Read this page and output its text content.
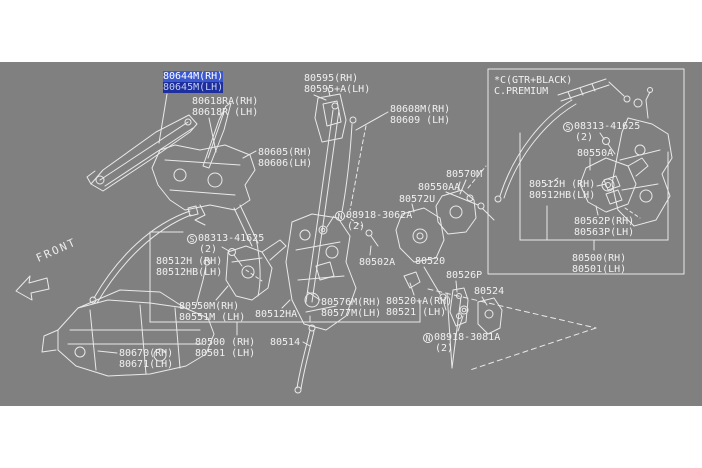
80644M(RH)
80645M(LH)
80618RA(RH)
80618R (LH)
80595(RH)
80595+A(LH)
80605(RH)
80606(LH)
80608M(RH)
80609 (LH)
*C(GTR+BLACK)
C.PREMIUM
S 08313-41625
(2)
80550A
80512H (RH)
80512HB(LH)
80562P(RH)
80563P(LH)
80500(RH)
80501(LH)
80570M
80550AA
80572U
N 08918-3062A
(2)
S 08313-41625
(2)
80512H (RH)
80512HB(LH)
80502A 80520
80526P
80550M(RH)
80551M (LH) 80512HA
80576M(RH)
80577M(LH)
80520+A(RH)
80521 (LH)
80524
N 08918-3081A
(2)
80500 (RH)
80501 (LH)
80514
80670(RH)
80671(LH)
FRONT
